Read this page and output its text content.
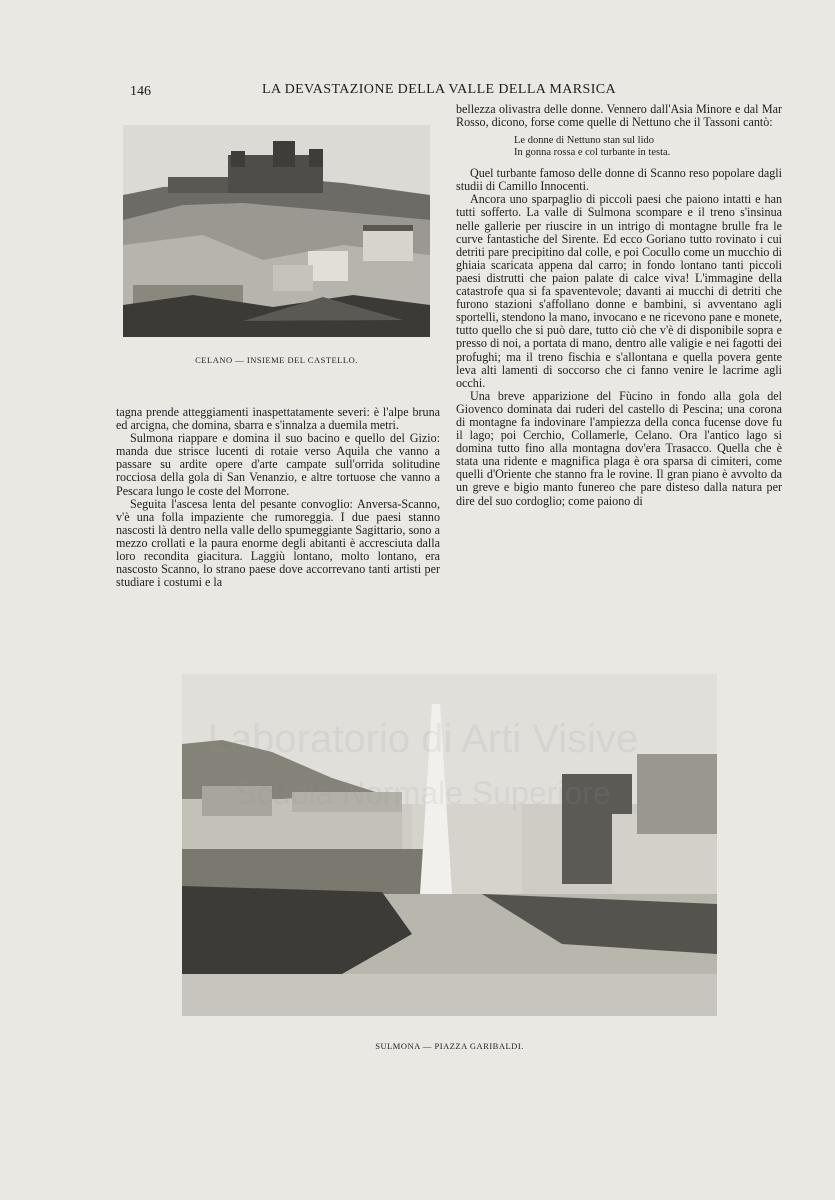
146	LA DEVASTAZIONE DELLA VALLE DELLA MARSICA
CELANO — INSIEME DEL CASTELLO.

bellezza olivastra delle donne. Vennero dall'Asia Minore e dal Mar Rosso, dicono, forse come quelle di Nettuno che il Tassoni cantò:

Le donne di Nettuno stan sul lido
In gonna rossa e col turbante in testa.

Quel turbante famoso delle donne di Scanno reso popolare dagli studii di Camillo Innocenti.

Ancora uno sparpaglio di piccoli paesi che paiono intatti e han tutti sofferto. La valle di Sulmona scompare e il treno s'insinua nelle gallerie per riuscire in un intrigo di montagne brulle fra le curve fantastiche del Sirente. Ed ecco Goriano tutto rovinato i cui detriti pare precipitino dal colle, e poi Cocullo come un mucchio di ghiaia scaricata appena dal carro; in fondo lontano tanti piccoli paesi distrutti che paion palate di calce viva! L'immagine della catastrofe qua si fa spaventevole; davanti ai mucchi di detriti che furono stazioni s'affollano donne e bambini, si avventano agli sportelli, stendono la mano, invocano e ne ricevono pane e monete, tutto quello che si può dare, tutto ciò che v'è di disponibile sopra e presso di noi, a portata di mano, dentro alle valigie e nei fagotti dei profughi; ma il treno fischia e s'allontana e quella povera gente leva alti lamenti di soccorso che ci fanno venire le lacrime agli occhi.

Una breve apparizione del Fùcino in fondo alla gola del Giovenco dominata dai ruderi del castello di Pescina; una corona di montagne fa indovinare l'ampiezza della conca fucense dove fu il lago; poi Cerchio, Collamerle, Celano. Ora l'antico lago si domina tutto fino alla montagna dov'era Trasacco. Quella che è stata una ridente e magnifica plaga è ora sparsa di cimiteri, come quelli d'Oriente che stanno fra le rovine. Il gran piano è avvolto da un greve e bigio manto funereo che pare disteso dalla natura per dire del suo cordoglio; come paiono di

tagna prende atteggiamenti inaspettatamente severi: è l'alpe bruna ed arcigna, che domina, sbarra e s'innalza a duemila metri.

Sulmona riappare e domina il suo bacino e quello del Gizio: manda due strisce lucenti di rotaie verso Aquila che vanno a passare su ardite opere d'arte campate sull'orrida solitudine rocciosa della gola di San Venanzio, e altre tortuose che vanno a Pescara lungo le coste del Morrone.

Seguita l'ascesa lenta del pesante convoglio: Anversa-Scanno, v'è una folla impaziente che rumoreggia. I due paesi stanno nascosti là dentro nella valle dello spumeggiante Sagittario, sono a mezzo crollati e la paura enorme degli abitanti è accresciuta dalla loro recondita giacitura. Laggiù lontano, molto lontano, era nascosto Scanno, lo strano paese dove accorrevano tanti artisti per studiare i costumi e la

SULMONA — PIAZZA GARIBALDI.
